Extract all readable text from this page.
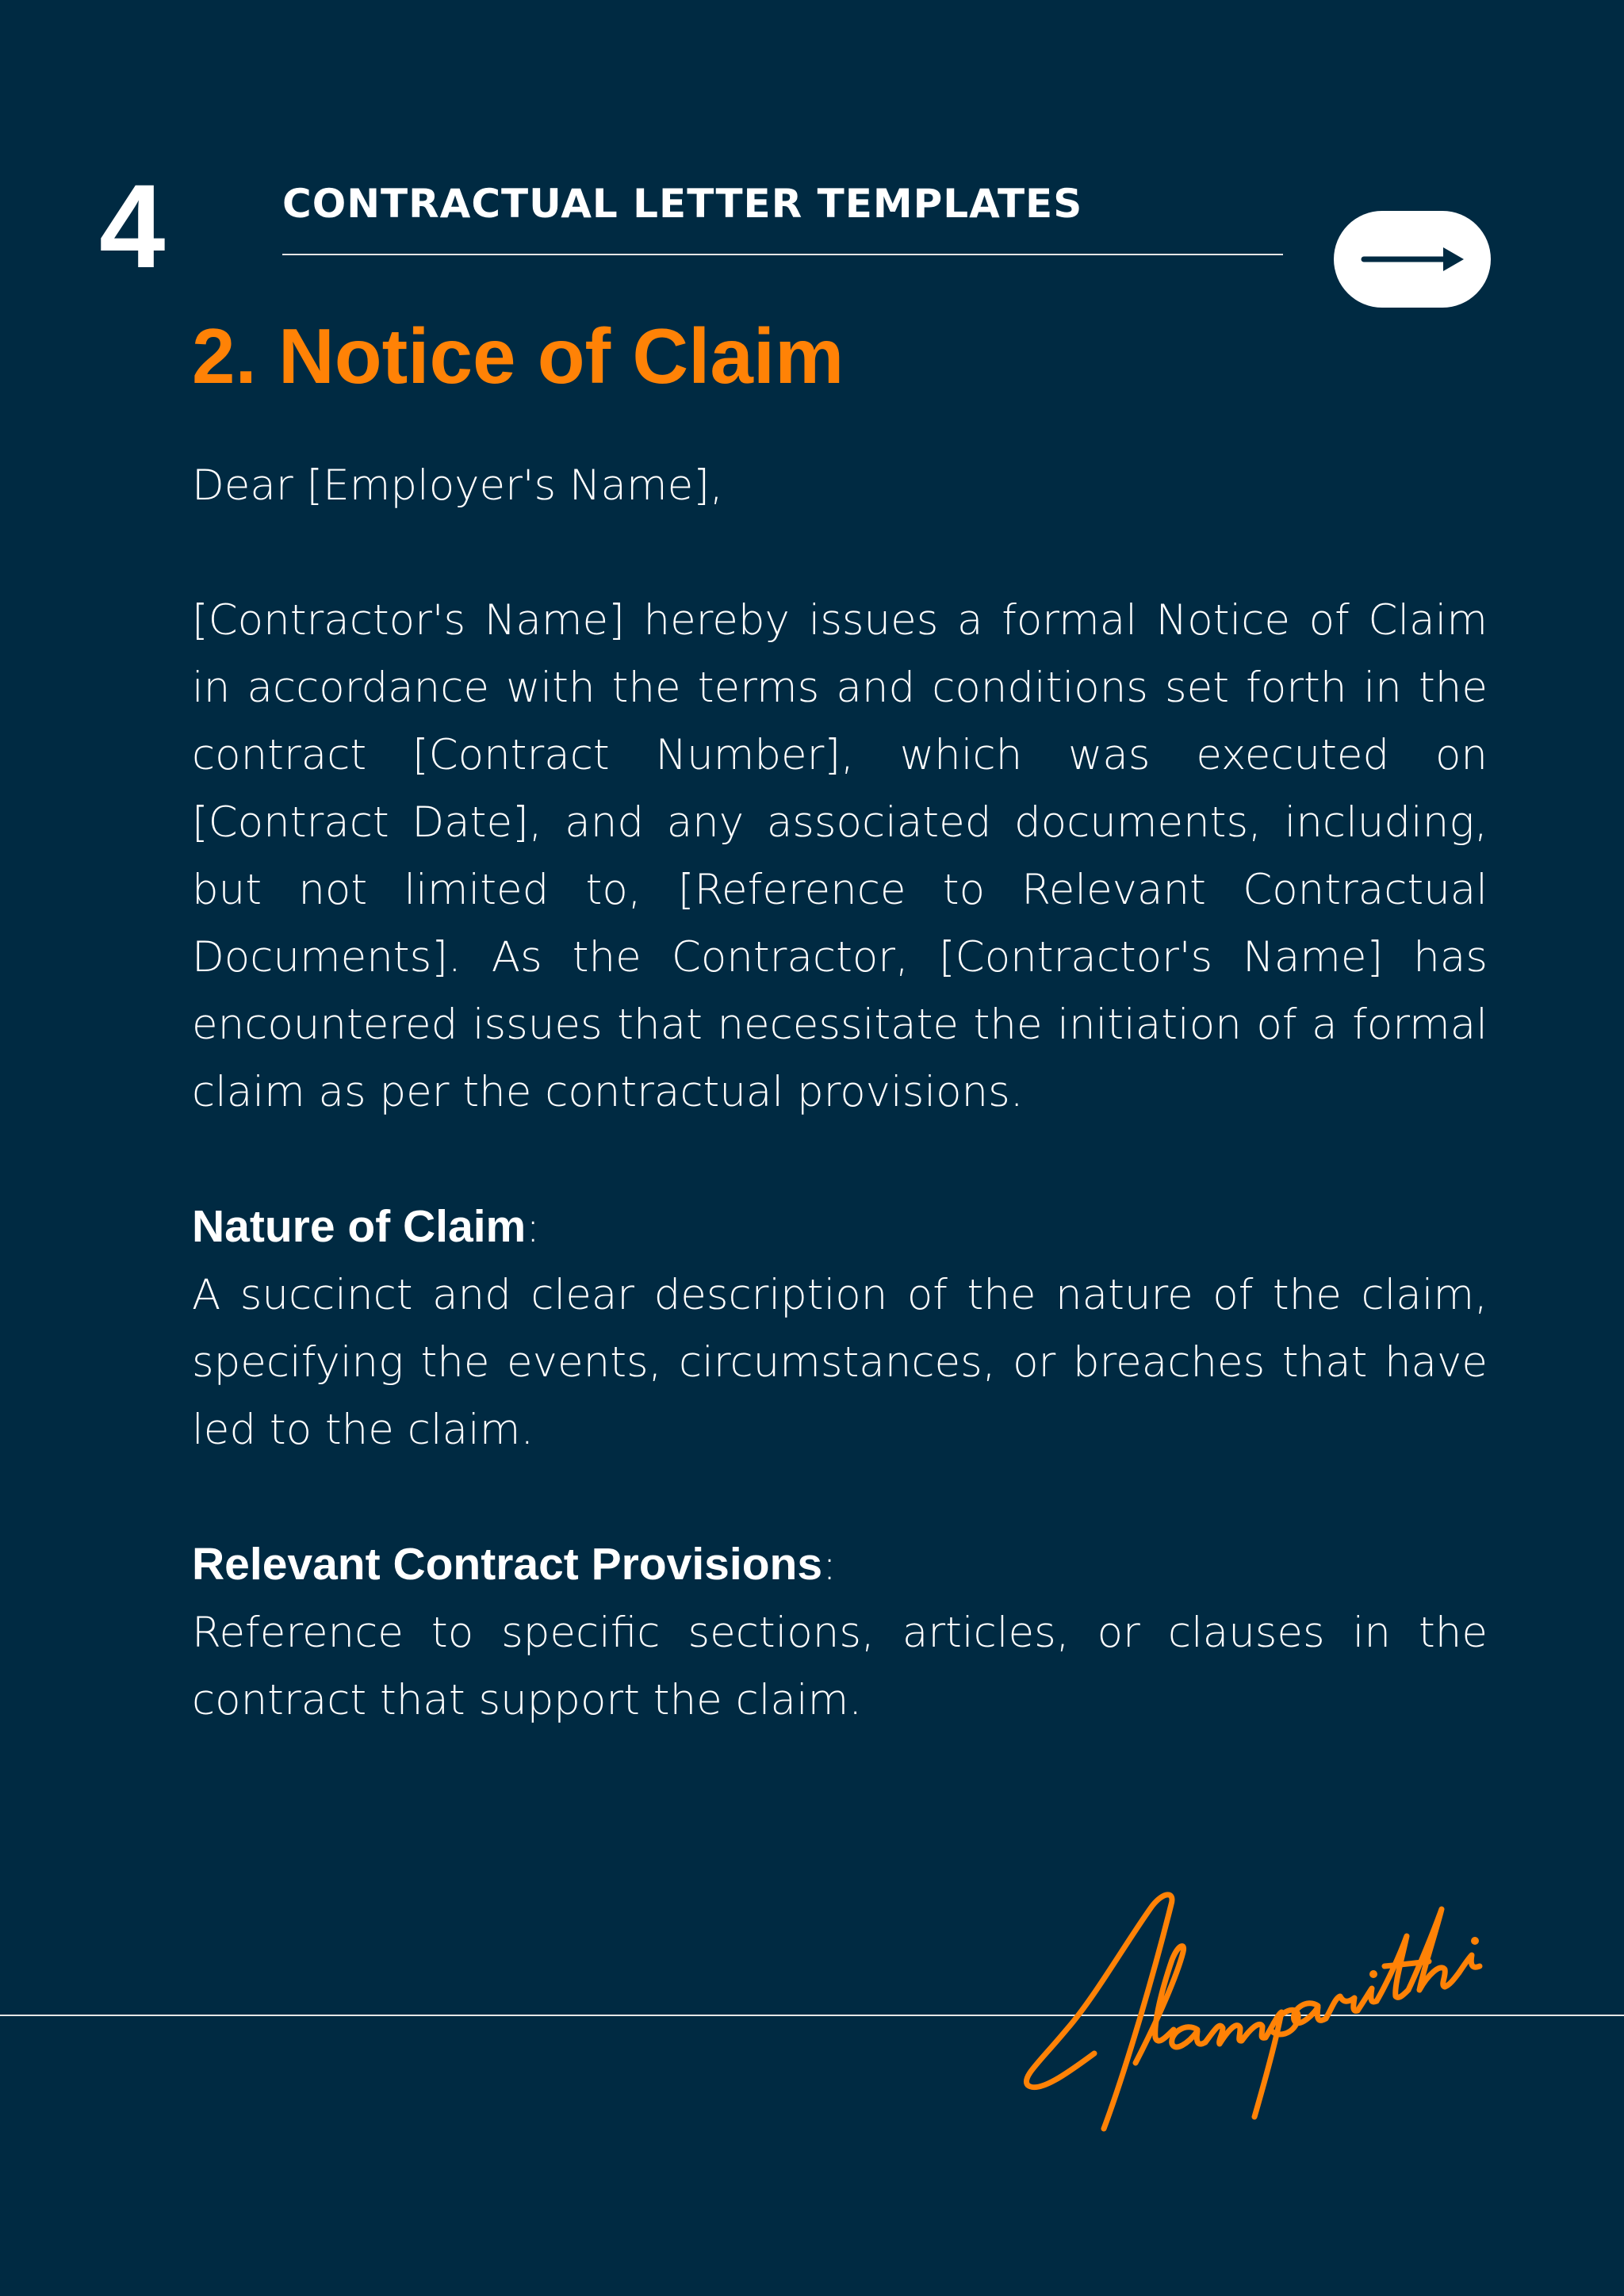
4	CONTRACTUAL LETTER TEMPLATES
2. Notice of Claim

Dear [Employer's Name],

[Contractor's Name] hereby issues a formal Notice of Claim in accordance with the terms and conditions set forth in the contract [Contract Number], which was executed on [Contract Date], and any associated documents, including, but not limited to, [Reference to Relevant Contractual Documents]. As the Contractor, [Contractor's Name] has encountered issues that necessitate the initiation of a formal claim as per the contractual provisions.

Nature of Claim:

A succinct and clear description of the nature of the claim, specifying the events, circumstances, or breaches that have led to the claim.

Relevant Contract Provisions:

Reference to specific sections, articles, or clauses in the contract that support the claim.
